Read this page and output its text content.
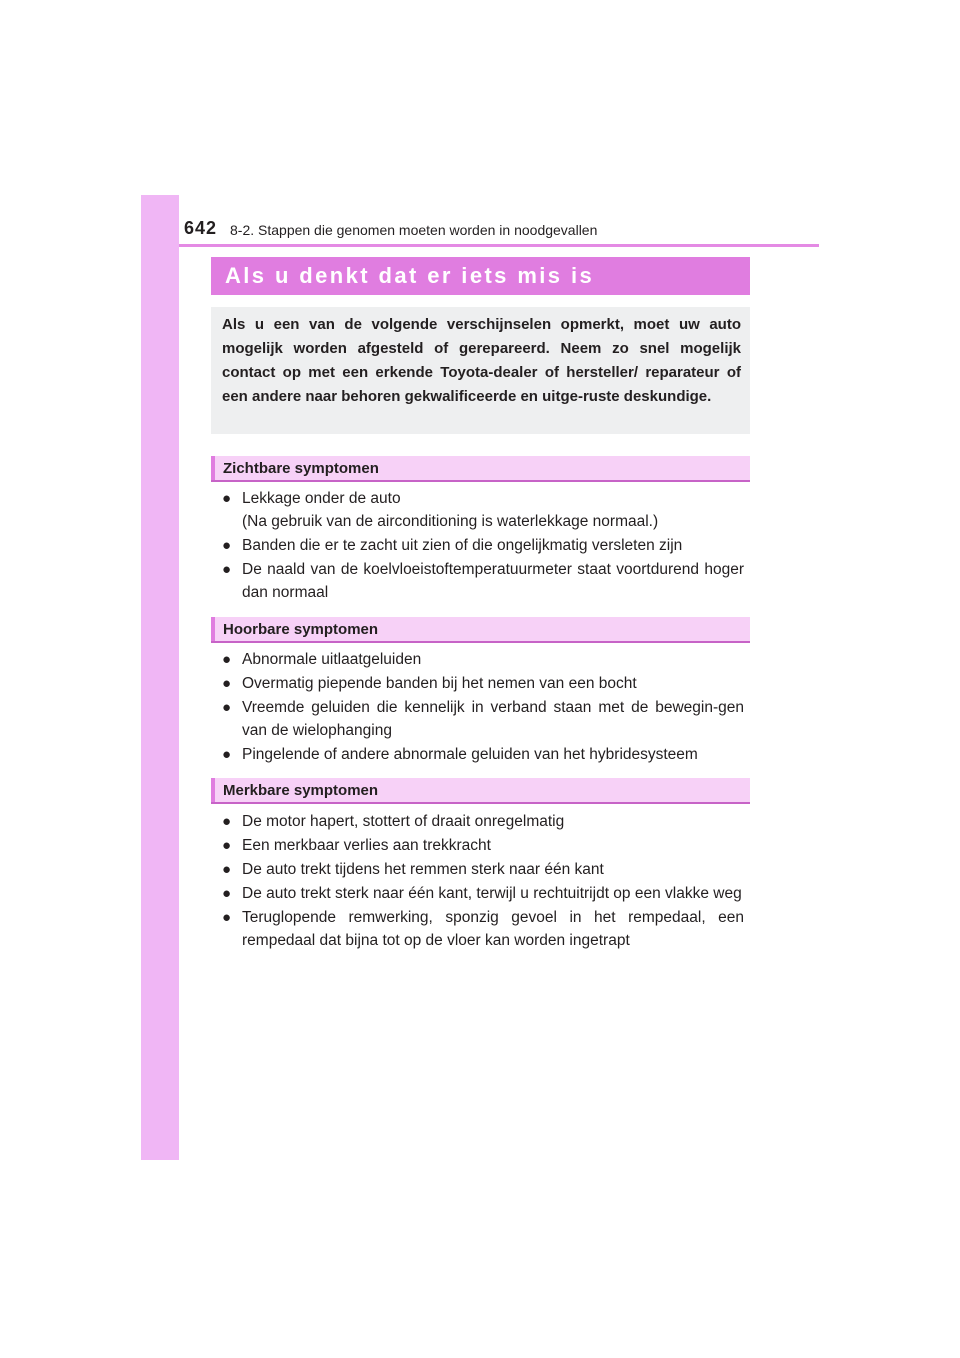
642 8-2. Stappen die genomen moeten worden in noodgevallen
Als u denkt dat er iets mis is
Als u een van de volgende verschijnselen opmerkt, moet uw auto mogelijk worden afgesteld of gerepareerd. Neem zo snel mogelijk contact op met een erkende Toyota-dealer of hersteller/ reparateur of een andere naar behoren gekwalificeerde en uitge-ruste deskundige.
Zichtbare symptomen
● Lekkage onder de auto
(Na gebruik van de airconditioning is waterlekkage normaal.)
● Banden die er te zacht uit zien of die ongelijkmatig versleten zijn
● De naald van de koelvloeistoftemperatuurmeter staat voortdurend hoger dan normaal
Hoorbare symptomen
● Abnormale uitlaatgeluiden
● Overmatig piepende banden bij het nemen van een bocht
● Vreemde geluiden die kennelijk in verband staan met de bewegin-gen van de wielophanging
● Pingelende of andere abnormale geluiden van het hybridesysteem
Merkbare symptomen
● De motor hapert, stottert of draait onregelmatig
● Een merkbaar verlies aan trekkracht
● De auto trekt tijdens het remmen sterk naar één kant
● De auto trekt sterk naar één kant, terwijl u rechtuitrijdt op een vlakke weg
● Teruglopende remwerking, sponzig gevoel in het rempedaal, een rempedaal dat bijna tot op de vloer kan worden ingetrapt
